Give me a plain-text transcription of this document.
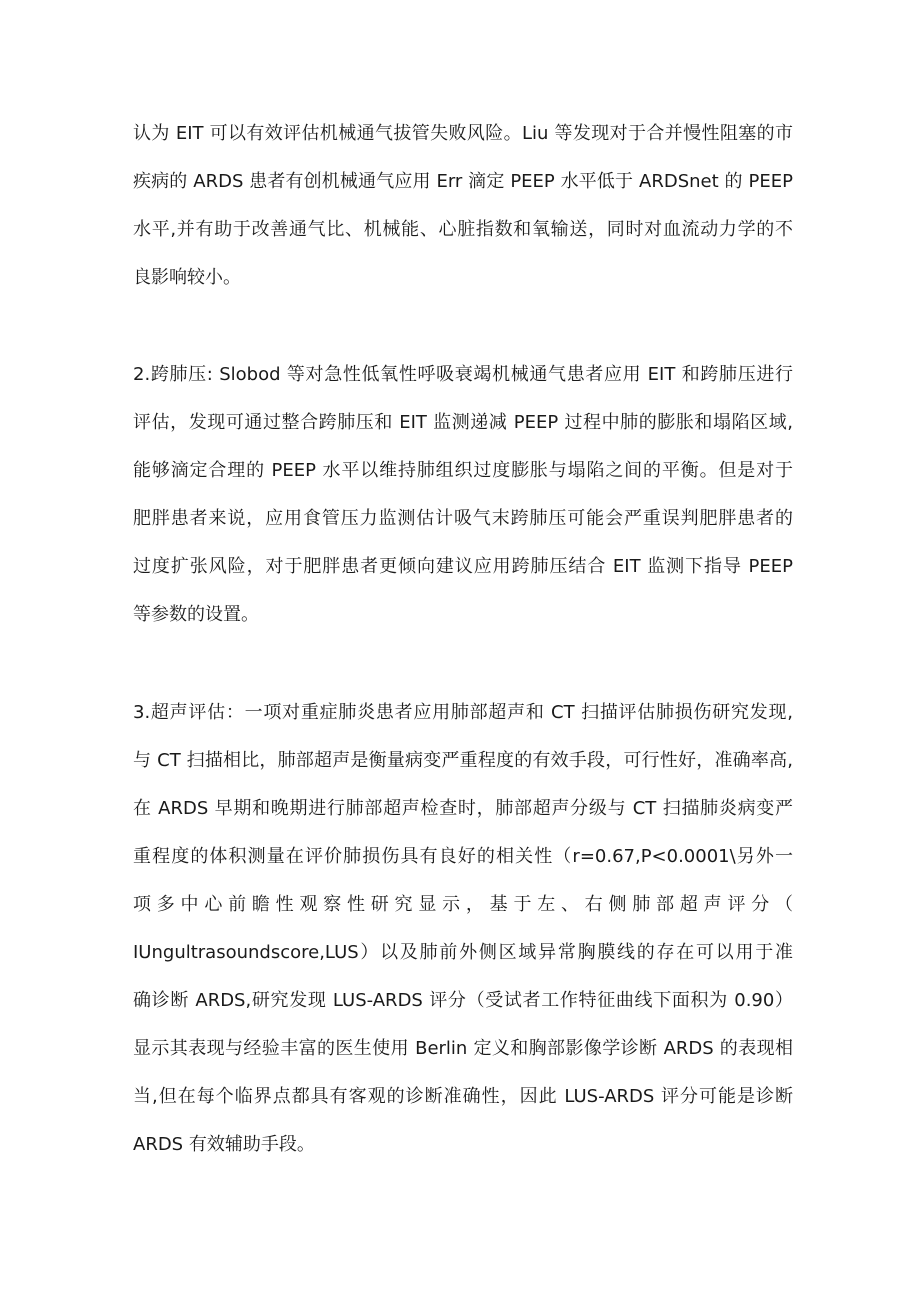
认为 EIT 可以有效评估机械通气拔管失败风险。Liu 等发现对于合并慢性阻塞的市
疾病的 ARDS 患者有创机械通气应用 Err 滴定 PEEP 水平低于 ARDSnet 的 PEEP
水平,并有助于改善通气比、机械能、心脏指数和氧输送，同时对血流动力学的不
良影响较小。
2.跨肺压: Slobod 等对急性低氧性呼吸衰竭机械通气患者应用 EIT 和跨肺压进行
评估，发现可通过整合跨肺压和 EIT 监测递减 PEEP 过程中肺的膨胀和塌陷区域,
能够滴定合理的 PEEP 水平以维持肺组织过度膨胀与塌陷之间的平衡。但是对于
肥胖患者来说，应用食管压力监测估计吸气末跨肺压可能会严重误判肥胖患者的
过度扩张风险，对于肥胖患者更倾向建议应用跨肺压结合 EIT 监测下指导 PEEP
等参数的设置。
3.超声评估：一项对重症肺炎患者应用肺部超声和 CT 扫描评估肺损伤研究发现,
与 CT 扫描相比，肺部超声是衡量病变严重程度的有效手段，可行性好，准确率高,
在 ARDS 早期和晚期进行肺部超声检查时，肺部超声分级与 CT 扫描肺炎病变严
重程度的体积测量在评价肺损伤具有良好的相关性（r=0.67,P<0.0001\另外一
项多中心前瞻性观察性研究显示，基于左、右侧肺部超声评分（
IUngultrasoundscore,LUS）以及肺前外侧区域异常胸膜线的存在可以用于准
确诊断 ARDS,研究发现 LUS-ARDS 评分（受试者工作特征曲线下面积为 0.90）
显示其表现与经验丰富的医生使用 Berlin 定义和胸部影像学诊断 ARDS 的表现相
当,但在每个临界点都具有客观的诊断准确性，因此 LUS-ARDS 评分可能是诊断
ARDS 有效辅助手段。
